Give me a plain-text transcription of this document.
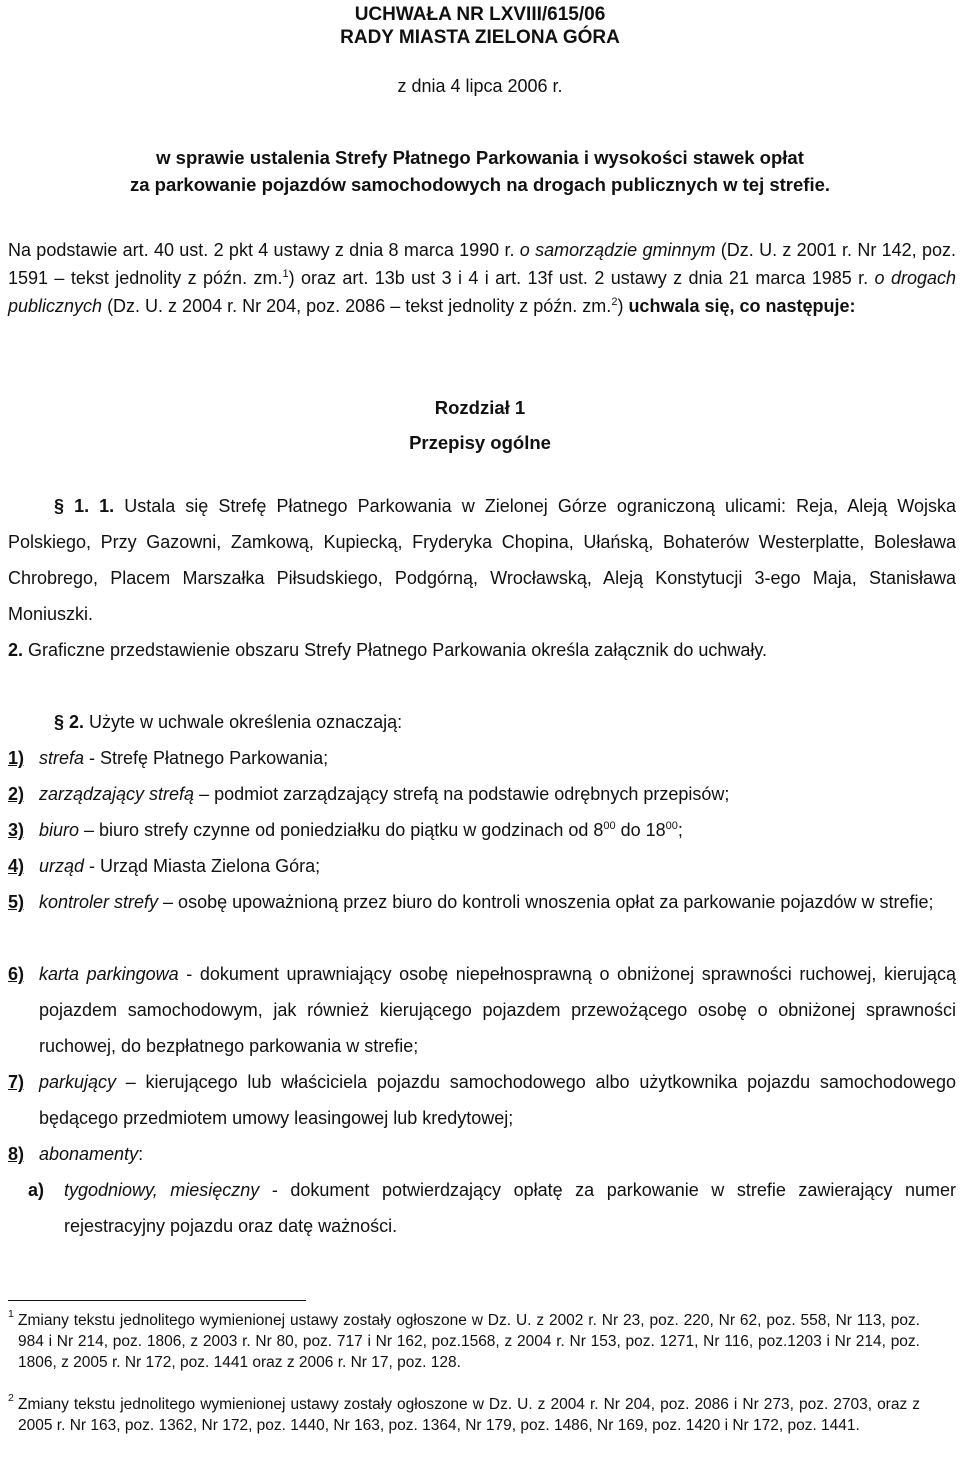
UCHWAŁA NR LXVIII/615/06
RADY MIASTA ZIELONA GÓRA
z dnia 4 lipca 2006 r.
w sprawie ustalenia Strefy Płatnego Parkowania i wysokości stawek opłat
za parkowanie pojazdów samochodowych na drogach publicznych w tej strefie.
Na podstawie art. 40 ust. 2 pkt 4 ustawy z dnia 8 marca 1990 r. o samorządzie gminnym (Dz. U. z 2001 r. Nr 142, poz. 1591 – tekst jednolity z późn. zm.$^1$) oraz art. 13b ust 3 i 4 i art. 13f ust. 2 ustawy z dnia 21 marca 1985 r. o drogach publicznych (Dz. U. z 2004 r. Nr 204, poz. 2086 – tekst jednolity z późn. zm.$^2$) uchwala się, co następuje:
Rozdział 1
Przepisy ogólne
§ 1. 1. Ustala się Strefę Płatnego Parkowania w Zielonej Górze ograniczoną ulicami: Reja, Aleją Wojska Polskiego, Przy Gazowni, Zamkową, Kupiecką, Fryderyka Chopina, Ułańską, Bohaterów Westerplatte, Bolesława Chrobrego, Placem Marszałka Piłsudskiego, Podgórną, Wrocławską, Aleją Konstytucji 3-ego Maja, Stanisława Moniuszki.
2. Graficzne przedstawienie obszaru Strefy Płatnego Parkowania określa załącznik do uchwały.
§ 2. Użyte w uchwale określenia oznaczają:
1) strefa - Strefę Płatnego Parkowania;
2) zarządzający strefą – podmiot zarządzający strefą na podstawie odrębnych przepisów;
3) biuro – biuro strefy czynne od poniedziałku do piątku w godzinach od $8^{00}$ do $18^{00}$;
4) urząd - Urząd Miasta Zielona Góra;
5) kontroler strefy – osobę upoważnioną przez biuro do kontroli wnoszenia opłat za parkowanie pojazdów w strefie;
6) karta parkingowa - dokument uprawniający osobę niepełnosprawną o obniżonej sprawności ruchowej, kierującą pojazdem samochodowym, jak również kierującego pojazdem przewożącego osobę o obniżonej sprawności ruchowej, do bezpłatnego parkowania w strefie;
7) parkujący – kierującego lub właściciela pojazdu samochodowego albo użytkownika pojazdu samochodowego będącego przedmiotem umowy leasingowej lub kredytowej;
8) abonamenty:
a) tygodniowy, miesięczny - dokument potwierdzający opłatę za parkowanie w strefie zawierający numer rejestracyjny pojazdu oraz datę ważności.
1 Zmiany tekstu jednolitego wymienionej ustawy zostały ogłoszone w Dz. U. z 2002 r. Nr 23, poz. 220, Nr 62, poz. 558, Nr 113, poz. 984 i Nr 214, poz. 1806, z 2003 r. Nr 80, poz. 717 i Nr 162, poz.1568, z 2004 r. Nr 153, poz. 1271, Nr 116, poz.1203 i Nr 214, poz. 1806, z 2005 r. Nr 172, poz. 1441 oraz z 2006 r. Nr 17, poz. 128.
2 Zmiany tekstu jednolitego wymienionej ustawy zostały ogłoszone w Dz. U. z 2004 r. Nr 204, poz. 2086 i Nr 273, poz. 2703, oraz z 2005 r. Nr 163, poz. 1362, Nr 172, poz. 1440, Nr 163, poz. 1364, Nr 179, poz. 1486, Nr 169, poz. 1420 i Nr 172, poz. 1441.
